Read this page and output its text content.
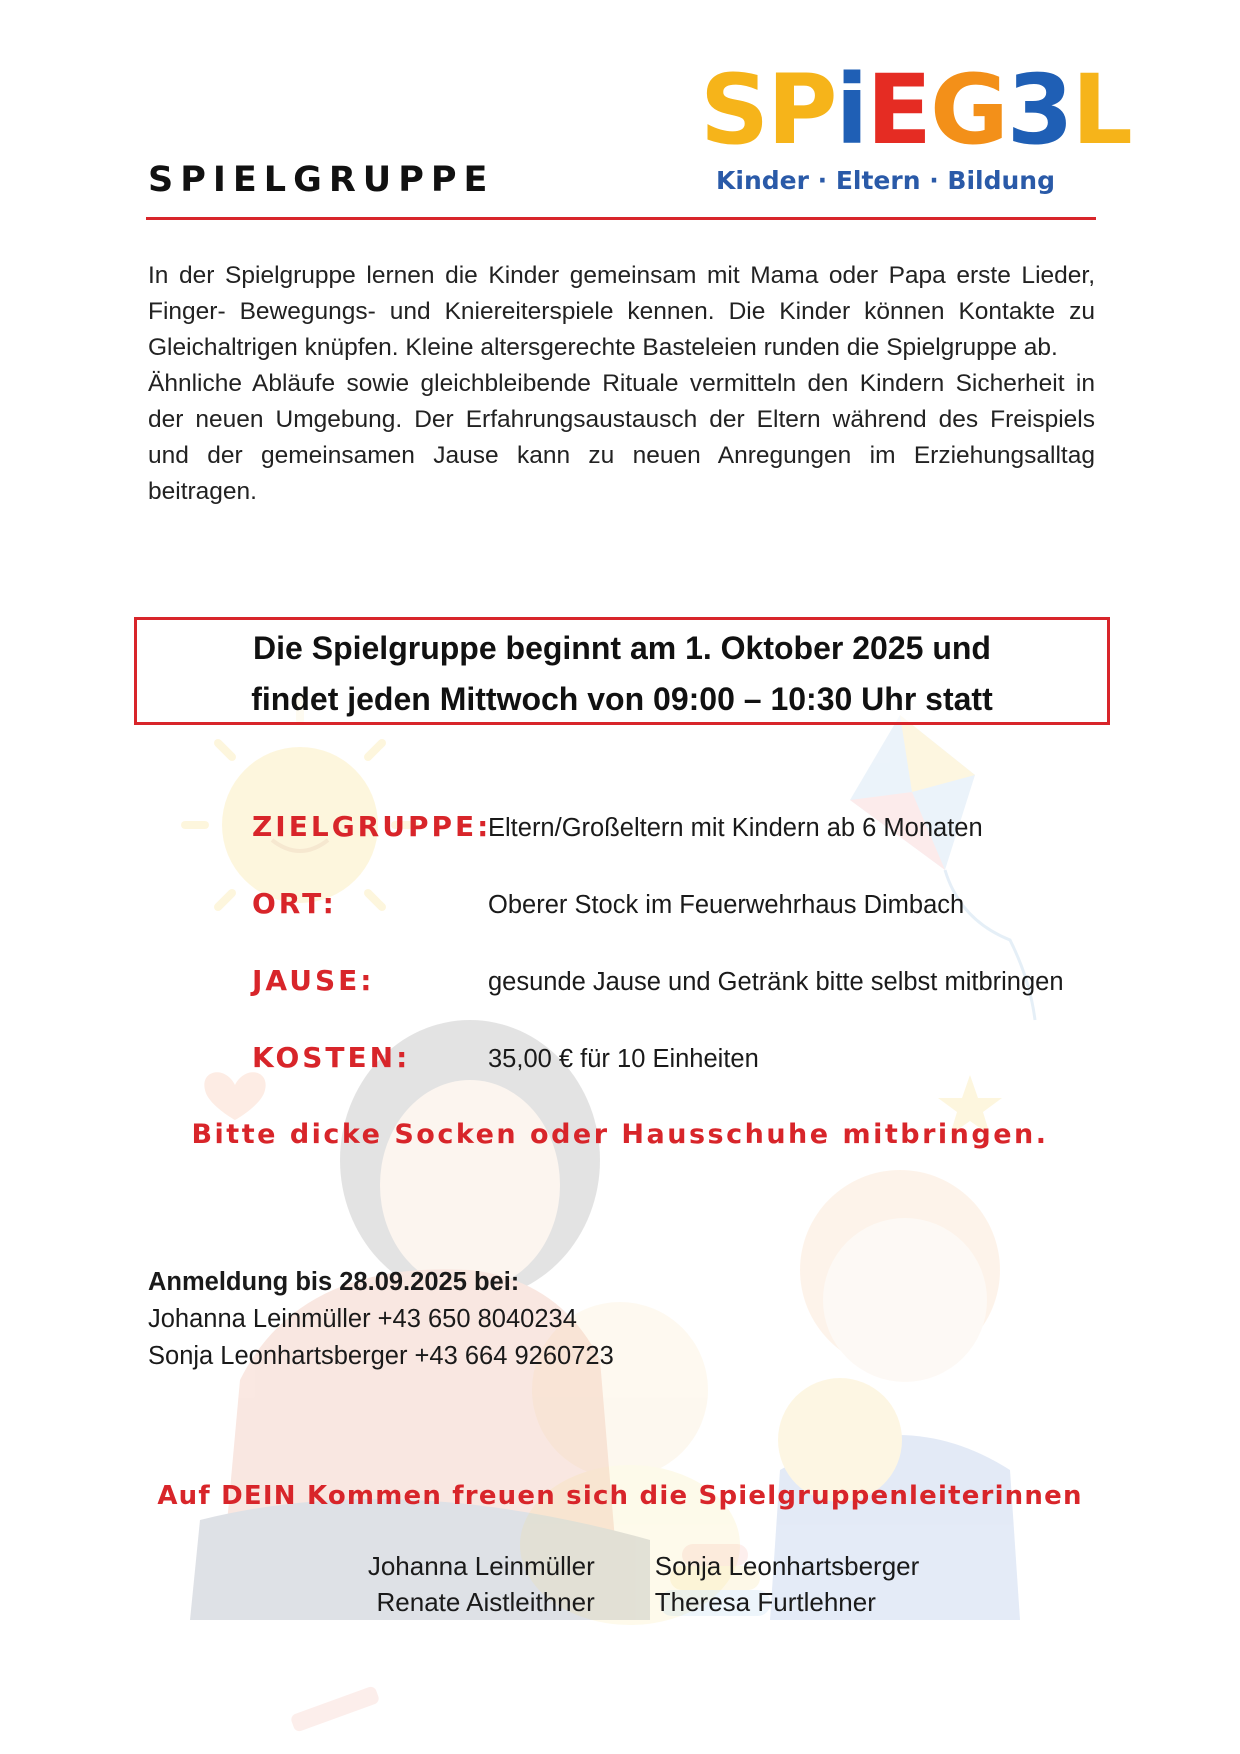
SPiEG3L
Kinder · Eltern · Bildung
SPIELGRUPPE

In der Spielgruppe lernen die Kinder gemeinsam mit Mama oder Papa erste Lieder, Finger- Bewegungs- und Kniereiterspiele kennen. Die Kinder können Kontakte zu Gleichaltrigen knüpfen. Kleine altersgerechte Basteleien runden die Spielgruppe ab.

Ähnliche Abläufe sowie gleichbleibende Rituale vermitteln den Kindern Sicherheit in der neuen Umgebung. Der Erfahrungsaustausch der Eltern während des Freispiels und der gemeinsamen Jause kann zu neuen Anregungen im Erziehungsalltag beitragen.

Die Spielgruppe beginnt am 1. Oktober 2025 und
findet jeden Mittwoch von 09:00 – 10:30 Uhr statt
ZIELGRUPPE:
Eltern/Großeltern mit Kindern ab 6 Monaten
ORT:	Oberer Stock im Feuerwehrhaus Dimbach
JAUSE:	gesunde Jause und Getränk bitte selbst mitbringen
KOSTEN:	35,00 € für 10 Einheiten
Bitte dicke Socken oder Hausschuhe mitbringen.
Anmeldung bis 28.09.2025 bei:
Johanna Leinmüller +43 650 8040234
Sonja Leonhartsberger +43 664 9260723
Auf DEIN Kommen freuen sich die Spielgruppenleiterinnen
Johanna Leinmüller	Sonja Leonhartsberger
Renate Aistleithner	Theresa Furtlehner
